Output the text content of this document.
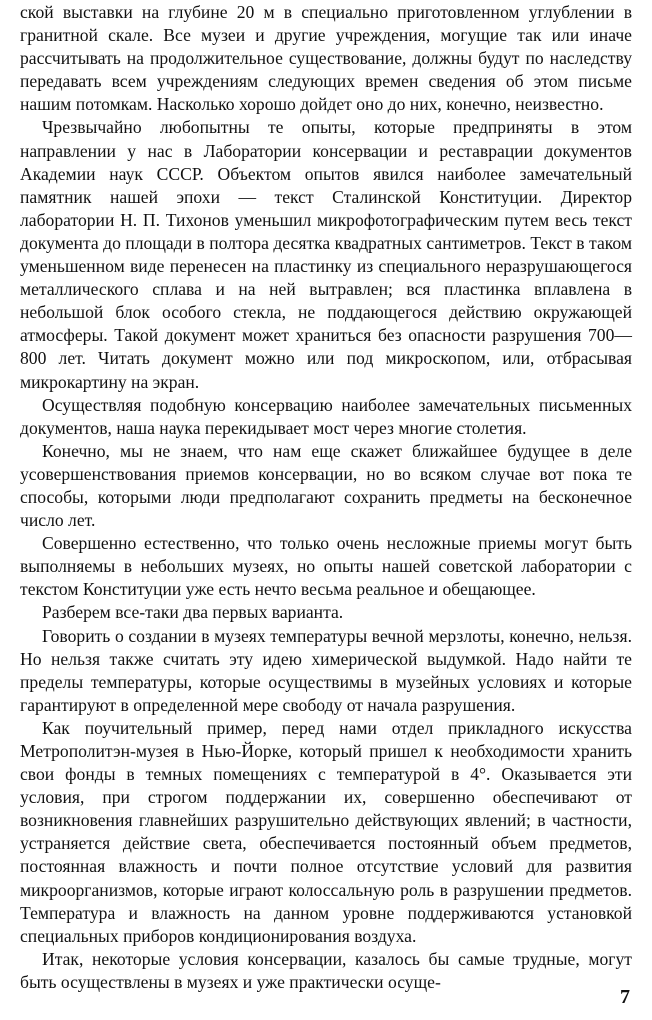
ской выставки на глубине 20 м в специально приготовленном углублении в гранитной скале. Все музеи и другие учреждения, могущие так или иначе рассчитывать на продолжительное существование, должны будут по наследству передавать всем учреждениям следующих времен сведения об этом письме нашим потомкам. Насколько хорошо дойдет оно до них, конечно, неизвестно.

Чрезвычайно любопытны те опыты, которые предприняты в этом направлении у нас в Лаборатории консервации и реставрации документов Академии наук СССР. Объектом опытов явился наиболее замечательный памятник нашей эпохи — текст Сталинской Конституции. Директор лаборатории Н. П. Тихонов уменьшил микрофотографическим путем весь текст документа до площади в полтора десятка квадратных сантиметров. Текст в таком уменьшенном виде перенесен на пластинку из специального неразрушающегося металлического сплава и на ней вытравлен; вся пластинка вплавлена в небольшой блок особого стекла, не поддающегося действию окружающей атмосферы. Такой документ может храниться без опасности разрушения 700—800 лет. Читать документ можно или под микроскопом, или, отбрасывая микрокартину на экран.

Осуществляя подобную консервацию наиболее замечательных письменных документов, наша наука перекидывает мост через многие столетия.

Конечно, мы не знаем, что нам еще скажет ближайшее будущее в деле усовершенствования приемов консервации, но во всяком случае вот пока те способы, которыми люди предполагают сохранить предметы на бесконечное число лет.

Совершенно естественно, что только очень несложные приемы могут быть выполняемы в небольших музеях, но опыты нашей советской лаборатории с текстом Конституции уже есть нечто весьма реальное и обещающее.

Разберем все-таки два первых варианта.

Говорить о создании в музеях температуры вечной мерзлоты, конечно, нельзя. Но нельзя также считать эту идею химерической выдумкой. Надо найти те пределы температуры, которые осуществимы в музейных условиях и которые гарантируют в определенной мере свободу от начала разрушения.

Как поучительный пример, перед нами отдел прикладного искусства Метрополитэн-музея в Нью-Йорке, который пришел к необходимости хранить свои фонды в темных помещениях с температурой в 4°. Оказывается эти условия, при строгом поддержании их, совершенно обеспечивают от возникновения главнейших разрушительно действующих явлений; в частности, устраняется действие света, обеспечивается постоянный объем предметов, постоянная влажность и почти полное отсутствие условий для развития микроорганизмов, которые играют колоссальную роль в разрушении предметов. Температура и влажность на данном уровне поддерживаются установкой специальных приборов кондиционирования воздуха.

Итак, некоторые условия консервации, казалось бы самые трудные, могут быть осуществлены в музеях и уже практически осуще-

7
